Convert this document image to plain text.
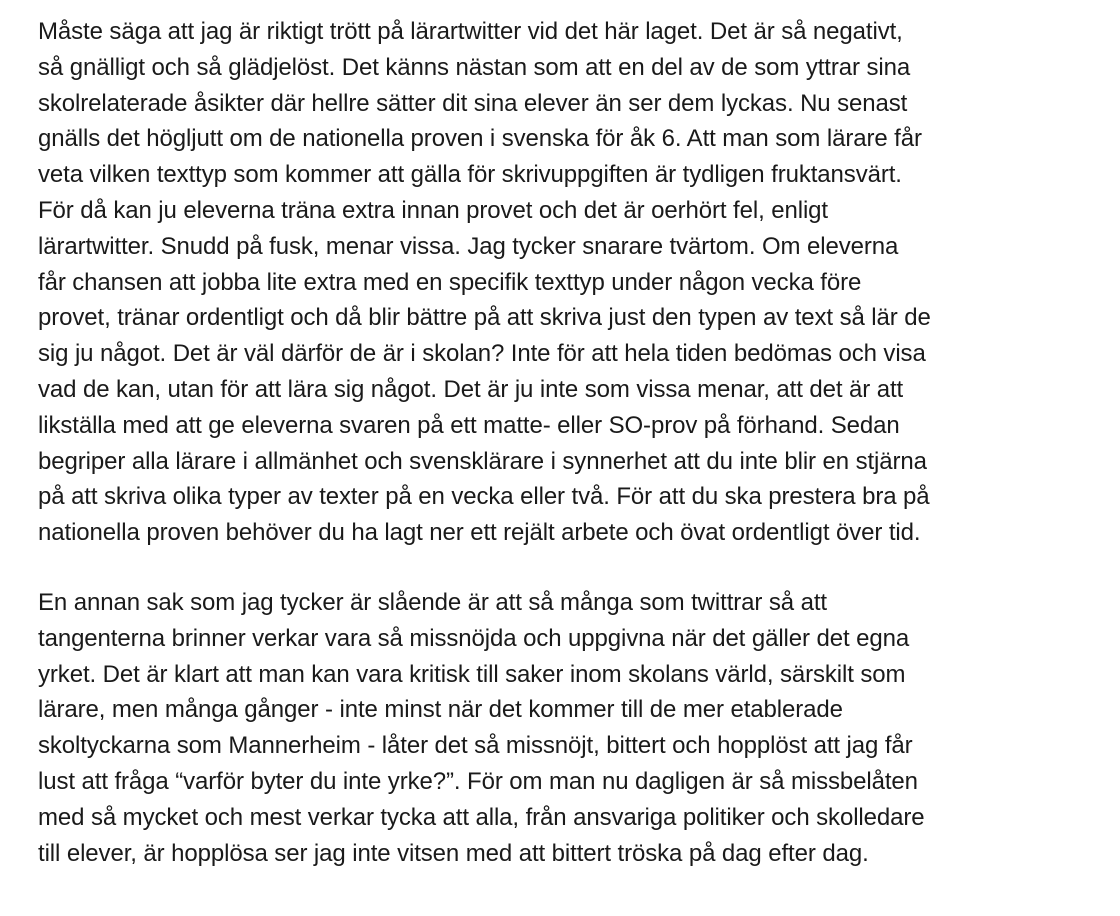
Måste säga att jag är riktigt trött på lärartwitter vid det här laget. Det är så negativt,
så gnälligt och så glädjelöst. Det känns nästan som att en del av de som yttrar sina
skolrelaterade åsikter där hellre sätter dit sina elever än ser dem lyckas. Nu senast
gnälls det högljutt om de nationella proven i svenska för åk 6. Att man som lärare får
veta vilken texttyp som kommer att gälla för skrivuppgiften är tydligen fruktansvärt.
För då kan ju eleverna träna extra innan provet och det är oerhört fel, enligt
lärartwitter. Snudd på fusk, menar vissa. Jag tycker snarare tvärtom. Om eleverna
får chansen att jobba lite extra med en specifik texttyp under någon vecka före
provet, tränar ordentligt och då blir bättre på att skriva just den typen av text så lär de
sig ju något. Det är väl därför de är i skolan? Inte för att hela tiden bedömas och visa
vad de kan, utan för att lära sig något. Det är ju inte som vissa menar, att det är att
likställa med att ge eleverna svaren på ett matte- eller SO-prov på förhand. Sedan
begriper alla lärare i allmänhet och svensklärare i synnerhet att du inte blir en stjärna
på att skriva olika typer av texter på en vecka eller två. För att du ska prestera bra på
nationella proven behöver du ha lagt ner ett rejält arbete och övat ordentligt över tid.
En annan sak som jag tycker är slående är att så många som twittrar så att
tangenterna brinner verkar vara så missnöjda och uppgivna när det gäller det egna
yrket. Det är klart att man kan vara kritisk till saker inom skolans värld, särskilt som
lärare, men många gånger - inte minst när det kommer till de mer etablerade
skoltyckarna som Mannerheim - låter det så missnöjt, bittert och hopplöst att jag får
lust att fråga “varför byter du inte yrke?”. För om man nu dagligen är så missbelåten
med så mycket och mest verkar tycka att alla, från ansvariga politiker och skolledare
till elever, är hopplösa ser jag inte vitsen med att bittert tröska på dag efter dag.
